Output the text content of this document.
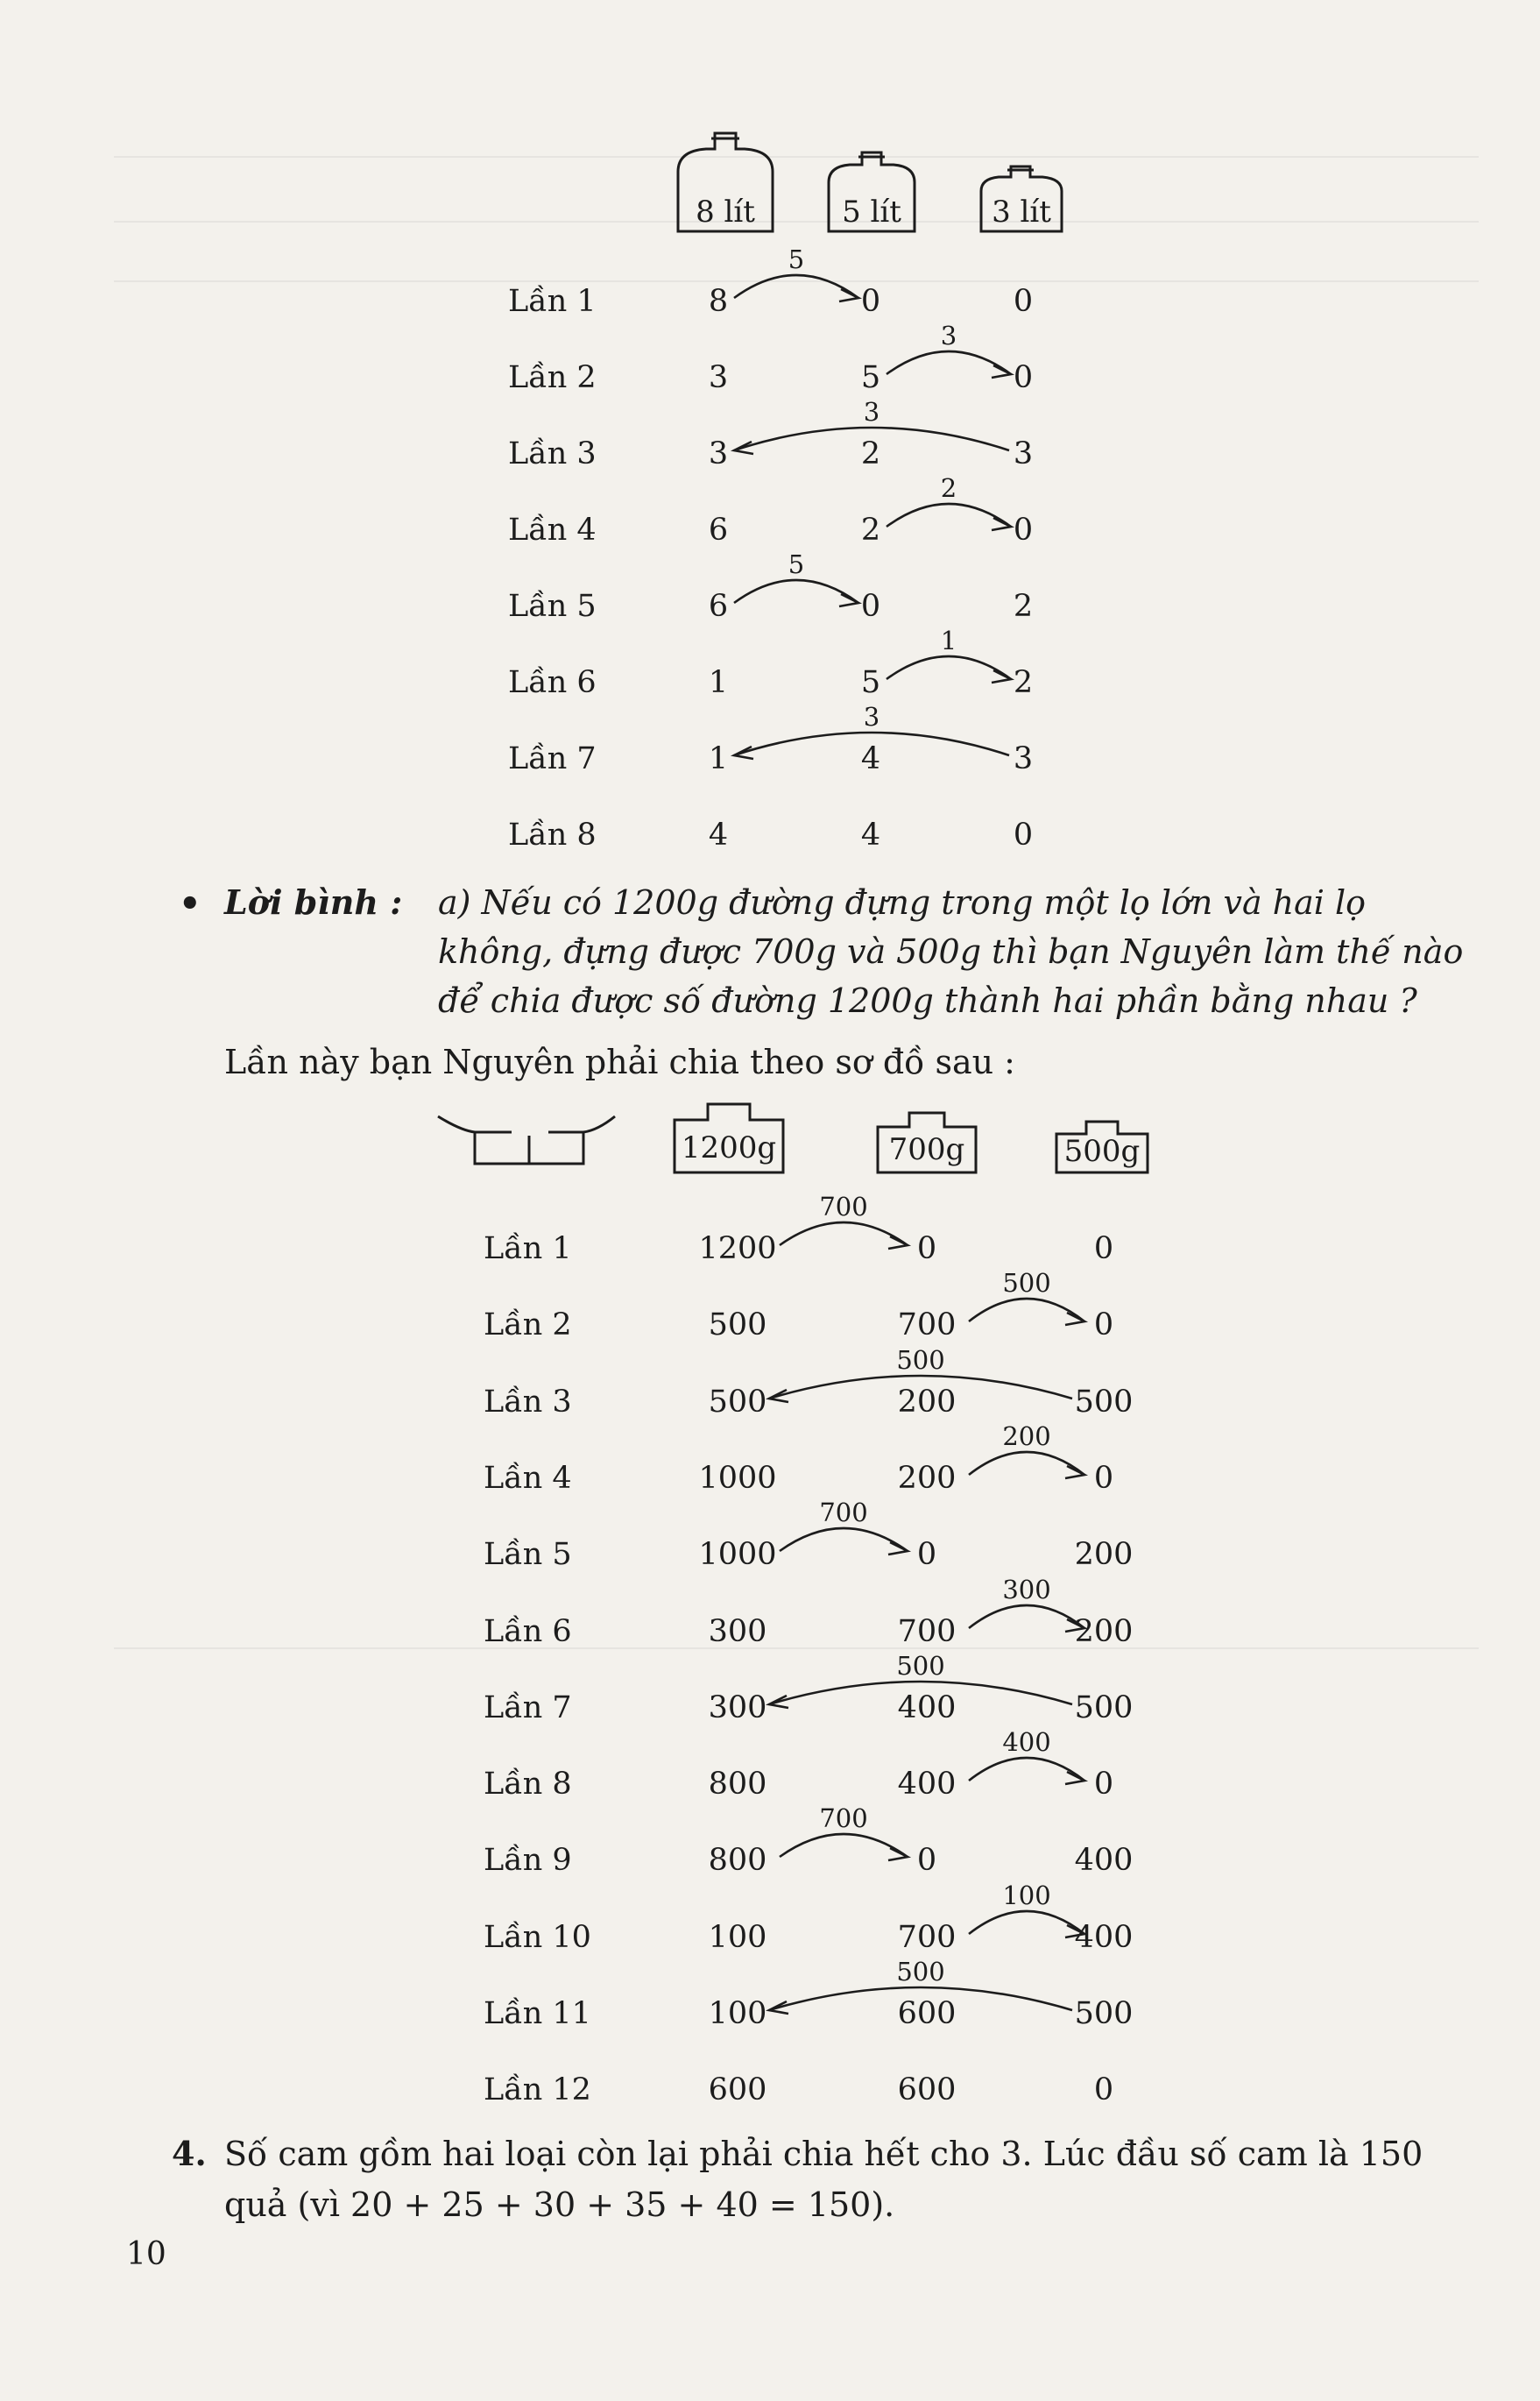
8 lít	5 lít	3 lít
Lần 1	8	0	0
5
Lần 2	3	5	0
3
Lần 3	3	2	3
3
Lần 4	6	2	0
2
Lần 5	6	0	2
5
Lần 6	1	5	2
1
Lần 7	1	4	3
3
Lần 8	4	4	0
• Lời bình : a) Nếu có 1200g đường đựng trong một lọ lớn và hai lọ không, đựng được 700g và 500g thì bạn Nguyên làm thế nào để chia được số đường 1200g thành hai phần bằng nhau ?
Lần này bạn Nguyên phải chia theo sơ đồ sau :
1200g	700g	500g
Lần 1	1200	0	0
700
Lần 2	500	700	0
500
Lần 3	500	200	500
500
Lần 4	1000	200	0
200
Lần 5	1000	0	200
700
Lần 6	300	700	200
300
Lần 7	300	400	500
500
Lần 8	800	400	0
400
Lần 9	800	0	400
700
Lần 10	100	700	400
100
Lần 11	100	600	500
500
Lần 12	600	600	0
4. Số cam gồm hai loại còn lại phải chia hết cho 3. Lúc đầu số cam là 150
quả (vì 20 + 25 + 30 + 35 + 40 = 150).
10
